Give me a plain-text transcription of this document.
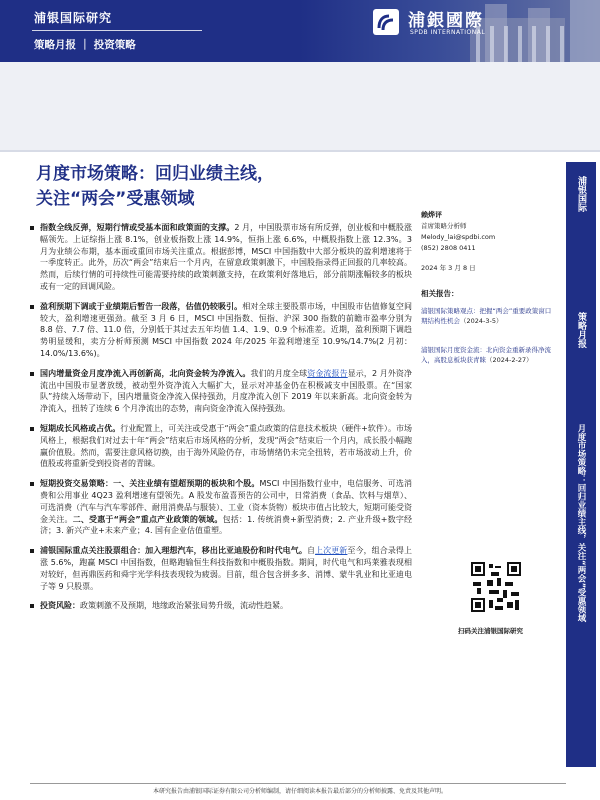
浦银国际研究
策略月报 ｜ 投资策略
浦銀國際
SPDB INTERNATIONAL
月度市场策略：回归业绩主线，
关注“两会”受惠领域
赖烨评
首席策略分析师
Melody_lai@spdbi.com
(852) 2808 0411
2024 年 3 月 8 日
相关报告：
浦银国际策略观点：把握“两会”重要政策窗口期结构性机会（2024-3-5）
浦银国际月度资金流：北向资金重新录得净流入，高股息板块获青睐（2024-2-27）
扫码关注浦银国际研究
浦银国际
策略月报
月度市场策略：回归业绩主线，关注“两会”受惠领域
指数全线反弹，短期行情或受基本面和政策面的支撑。2 月，中国股票市场有所反弹，创业板和中概股涨幅领先。上证综指上涨 8.1%，创业板指数上涨 14.9%，恒指上涨 6.6%，中概股指数上涨 12.3%。3 月为业绩公布期，基本面或重回市场关注重点。根据彭博，MSCI 中国指数中大部分板块的盈利增速将于一季度转正。此外，历次“两会”结束后一个月内，在留意政策刺激下，中国股指录得正回报的几率较高。然而，后续行情的可持续性可能需要持续的政策刺激支持，在政策利好落地后，部分前期涨幅较多的板块或有一定的回调风险。
盈利预期下调或于业绩期后暂告一段落，估值仍较吸引。相对全球主要股票市场，中国股市估值修复空间较大，盈利增速更强劲。截至 3 月 6 日，MSCI 中国指数、恒指、沪深 300 指数的前瞻市盈率分别为 8.8 倍、7.7 倍、11.0 倍，分别低于其过去五年均值 1.4、1.9、0.9 个标准差。近期，盈利预期下调趋势明显缓和，卖方分析师预测 MSCI 中国指数 2024 年/2025 年盈利增速至 10.9%/14.7%(2 月初：14.0%/13.6%)。
国内增量资金月度净流入再创新高，北向资金转为净流入。我们的月度全球资金流报告显示，2 月外资净流出中国股市显著放缓，被动型外资净流入大幅扩大，显示对冲基金仍在积极减支中国股票。在“国家队”持续入场带动下，国内增量资金净流入保持强劲，月度净流入创下 2019 年以来新高。北向资金转为净流入，扭转了连续 6 个月净流出的态势，南向资金净流入保持强劲。
短期成长风格或占优。行业配置上，可关注或受惠于“两会”重点政策的信息技术板块（硬件+软件）。市场风格上，根据我们对过去十年“两会”结束后市场风格的分析，发现“两会”结束后一个月内，成长股小幅跑赢价值股。然而，需要注意风格切换，由于海外风险仍存，市场情绪仍未完全扭转，若市场波动上升，价值股或将重新受到投资者的青睐。
短期投资交易策略：一、关注业绩有望超预期的板块和个股。MSCI 中国指数行业中，电信服务、可选消费和公用事业 4Q23 盈利增速有望领先。A 股发布盈喜预告的公司中，日常消费（食品、饮料与烟草）、可选消费（汽车与汽车零部件、耐用消费品与服装）、工业（资本货物）板块市值占比较大，短期可能受资金关注。二、受惠于“两会”重点产业政策的领域。包括：1. 传统消费+新型消费；2. 产业升级+数字经济；3. 新兴产业+未来产业；4. 国有企业估值重塑。
浦银国际重点关注股票组合：加入理想汽车，移出比亚迪股份和时代电气。自上次更新至今，组合录得上涨 5.6%，跑赢 MSCI 中国指数，但略跑输恒生科技指数和中概股指数。期间，时代电气和玛莱雅表现相对较好，但再鼎医药和舜宇光学科技表现较为疲弱。目前，组合包含拼多多、消博、蒙牛乳业和比亚迪电子等 9 只股票。
投资风险：政策刺激不及预期，地缘政治紧张局势升级，流动性趋紧。
本研究报告由浦银国际证券有限公司分析师编制，请仔细阅读本报告最后部分的分析师披露、免责及其他声明。
